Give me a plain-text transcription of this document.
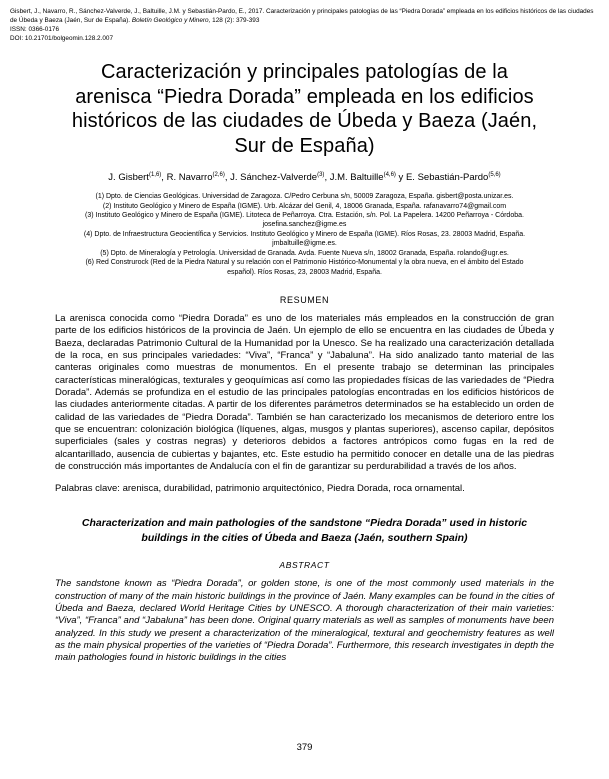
Gisbert, J., Navarro, R., Sánchez-Valverde, J., Baltuille, J.M. y Sebastián-Pardo, E., 2017. Caracterización y principales patologías de las “Piedra Dorada” empleada en los edificios históricos de las ciudades de Úbeda y Baeza (Jaén, Sur de España). Boletín Geológico y Minero, 128 (2): 379-393

ISSN: 0366-0176

DOI: 10.21701/bolgeomin.128.2.007

Caracterización y principales patologías de la arenisca “Piedra Dorada” empleada en los edificios históricos de las ciudades de Úbeda y Baeza (Jaén, Sur de España)

J. Gisbert$^{(1,6)}$, R. Navarro$^{(2,6)}$, J. Sánchez-Valverde$^{(3)}$, J.M. Baltuille$^{(4,6)}$ y E. Sebastián-Pardo$^{(5,6)}$

(1) Dpto. de Ciencias Geológicas. Universidad de Zaragoza. C/Pedro Cerbuna s/n, 50009 Zaragoza, España. gisbert@posta.unizar.es.

(2) Instituto Geológico y Minero de España (IGME). Urb. Alcázar del Genil, 4, 18006 Granada, España. rafanavarro74@gmail.com

(3) Instituto Geológico y Minero de España (IGME). Litoteca de Peñarroya. Ctra. Estación, s/n. Pol. La Papelera. 14200 Peñarroya - Córdoba. josefina.sanchez@igme.es

(4) Dpto. de Infraestructura Geocientífica y Servicios. Instituto Geológico y Minero de España (IGME). Ríos Rosas, 23. 28003 Madrid, España. jmbaltuille@igme.es.

(5) Dpto. de Mineralogía y Petrología. Universidad de Granada. Avda. Fuente Nueva s/n, 18002 Granada, España. rolando@ugr.es.

(6) Red Construrock (Red de la Piedra Natural y su relación con el Patrimonio Histórico-Monumental y la obra nueva, en el ámbito del Estado español). Ríos Rosas, 23, 28003 Madrid, España.

RESUMEN

La arenisca conocida como “Piedra Dorada” es uno de los materiales más empleados en la construcción de gran parte de los edificios históricos de la provincia de Jaén. Un ejemplo de ello se encuentra en las ciudades de Úbeda y Baeza, declaradas Patrimonio Cultural de la Humanidad por la Unesco. Se ha realizado una caracterización detallada de la roca, en sus principales variedades: “Viva”, “Franca” y “Jabaluna”. Ha sido analizado tanto material de las canteras originales como muestras de monumentos. En el presente trabajo se determinan las principales características mineralógicas, texturales y geoquímicas así como las propiedades físicas de las variedades de “Piedra Dorada”. Además se profundiza en el estudio de las principales patologías encontradas en los edificios históricos de las ciudades anteriormente citadas. A partir de los diferentes parámetros determinados se ha establecido un orden de calidad de las variedades de “Piedra Dorada”. También se han caracterizado los mecanismos de deterioro entre los que se encuentran: colonización biológica (líquenes, algas, musgos y plantas superiores), ascenso capilar, depósitos superficiales (sales y costras negras) y deterioros debidos a factores antrópicos como fugas en la red de alcantarillado, ausencia de cubiertas y bajantes, etc. Este estudio ha permitido conocer en detalle una de las piedras de construcción más importantes de Andalucía con el fin de garantizar su perdurabilidad a través de los años.

Palabras clave: arenisca, durabilidad, patrimonio arquitectónico, Piedra Dorada, roca ornamental.

Characterization and main pathologies of the sandstone “Piedra Dorada” used in historic buildings in the cities of Úbeda and Baeza (Jaén, southern Spain)
ABSTRACT

The sandstone known as “Piedra Dorada”, or golden stone, is one of the most commonly used materials in the construction of many of the main historic buildings in the province of Jaén. Many examples can be found in the cities of Úbeda and Baeza, declared World Heritage Cities by UNESCO. A thorough characterization of their main varieties: “Viva”, “Franca” and “Jabaluna” has been done. Original quarry materials as well as samples of monuments have been analyzed. In this study we present a characterization of the mineralogical, textural and geochemistry features as well as the main physical properties of the varieties of “Piedra Dorada”. Furthermore, this research investigates in depth the main pathologies found in historic buildings in the cities

379
